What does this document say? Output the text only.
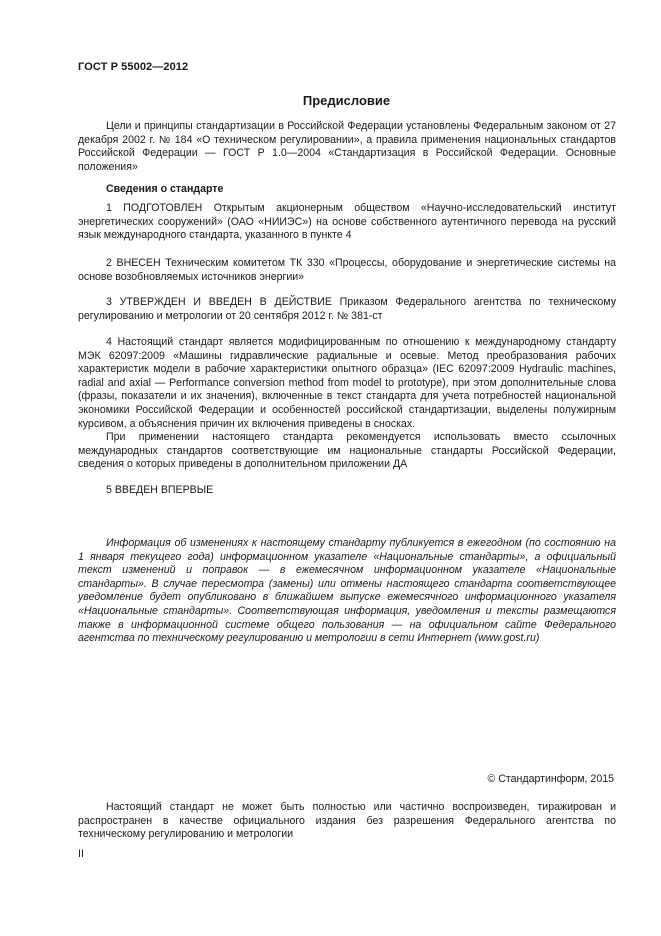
ГОСТ Р 55002—2012
Предисловие

Цели и принципы стандартизации в Российской Федерации установлены Федеральным законом от 27 декабря 2002 г. № 184 «О техническом регулировании», а правила применения национальных стандартов Российской Федерации — ГОСТ Р 1.0—2004 «Стандартизация в Российской Федерации. Основные положения»

Сведения о стандарте

1 ПОДГОТОВЛЕН Открытым акционерным обществом «Научно-исследовательский институт энергетических сооружений» (ОАО «НИИЭС») на основе собственного аутентичного перевода на русский язык международного стандарта, указанного в пункте 4

2 ВНЕСЕН Техническим комитетом ТК 330 «Процессы, оборудование и энергетические системы на основе возобновляемых источников энергии»

3 УТВЕРЖДЕН И ВВЕДЕН В ДЕЙСТВИЕ Приказом Федерального агентства по техническому регулированию и метрологии от 20 сентября 2012 г. № 381-ст

4 Настоящий стандарт является модифицированным по отношению к международному стандарту МЭК 62097:2009 «Машины гидравлические радиальные и осевые. Метод преобразования рабочих характеристик модели в рабочие характеристики опытного образца» (IEC 62097:2009 Hydraulic machines, radial and axial — Performance conversion method from model to prototype), при этом дополнительные слова (фразы, показатели и их значения), включенные в текст стандарта для учета потребностей национальной экономики Российской Федерации и особенностей российской стандартизации, выделены полужирным курсивом, а объяснения причин их включения приведены в сносках.

При применении настоящего стандарта рекомендуется использовать вместо ссылочных международных стандартов соответствующие им национальные стандарты Российской Федерации, сведения о которых приведены в дополнительном приложении ДА

5 ВВЕДЕН ВПЕРВЫЕ

Информация об изменениях к настоящему стандарту публикуется в ежегодном (по состоянию на 1 января текущего года) информационном указателе «Национальные стандарты», а официальный текст изменений и поправок — в ежемесячном информационном указателе «Национальные стандарты». В случае пересмотра (замены) или отмены настоящего стандарта соответствующее уведомление будет опубликовано в ближайшем выпуске ежемесячного информационного указателя «Национальные стандарты». Соответствующая информация, уведомления и тексты размещаются также в информационной системе общего пользования — на официальном сайте Федерального агентства по техническому регулированию и метрологии в сети Интернет (www.gost.ru)

© Стандартинформ, 2015

Настоящий стандарт не может быть полностью или частично воспроизведен, тиражирован и распространен в качестве официального издания без разрешения Федерального агентства по техническому регулированию и метрологии

II
